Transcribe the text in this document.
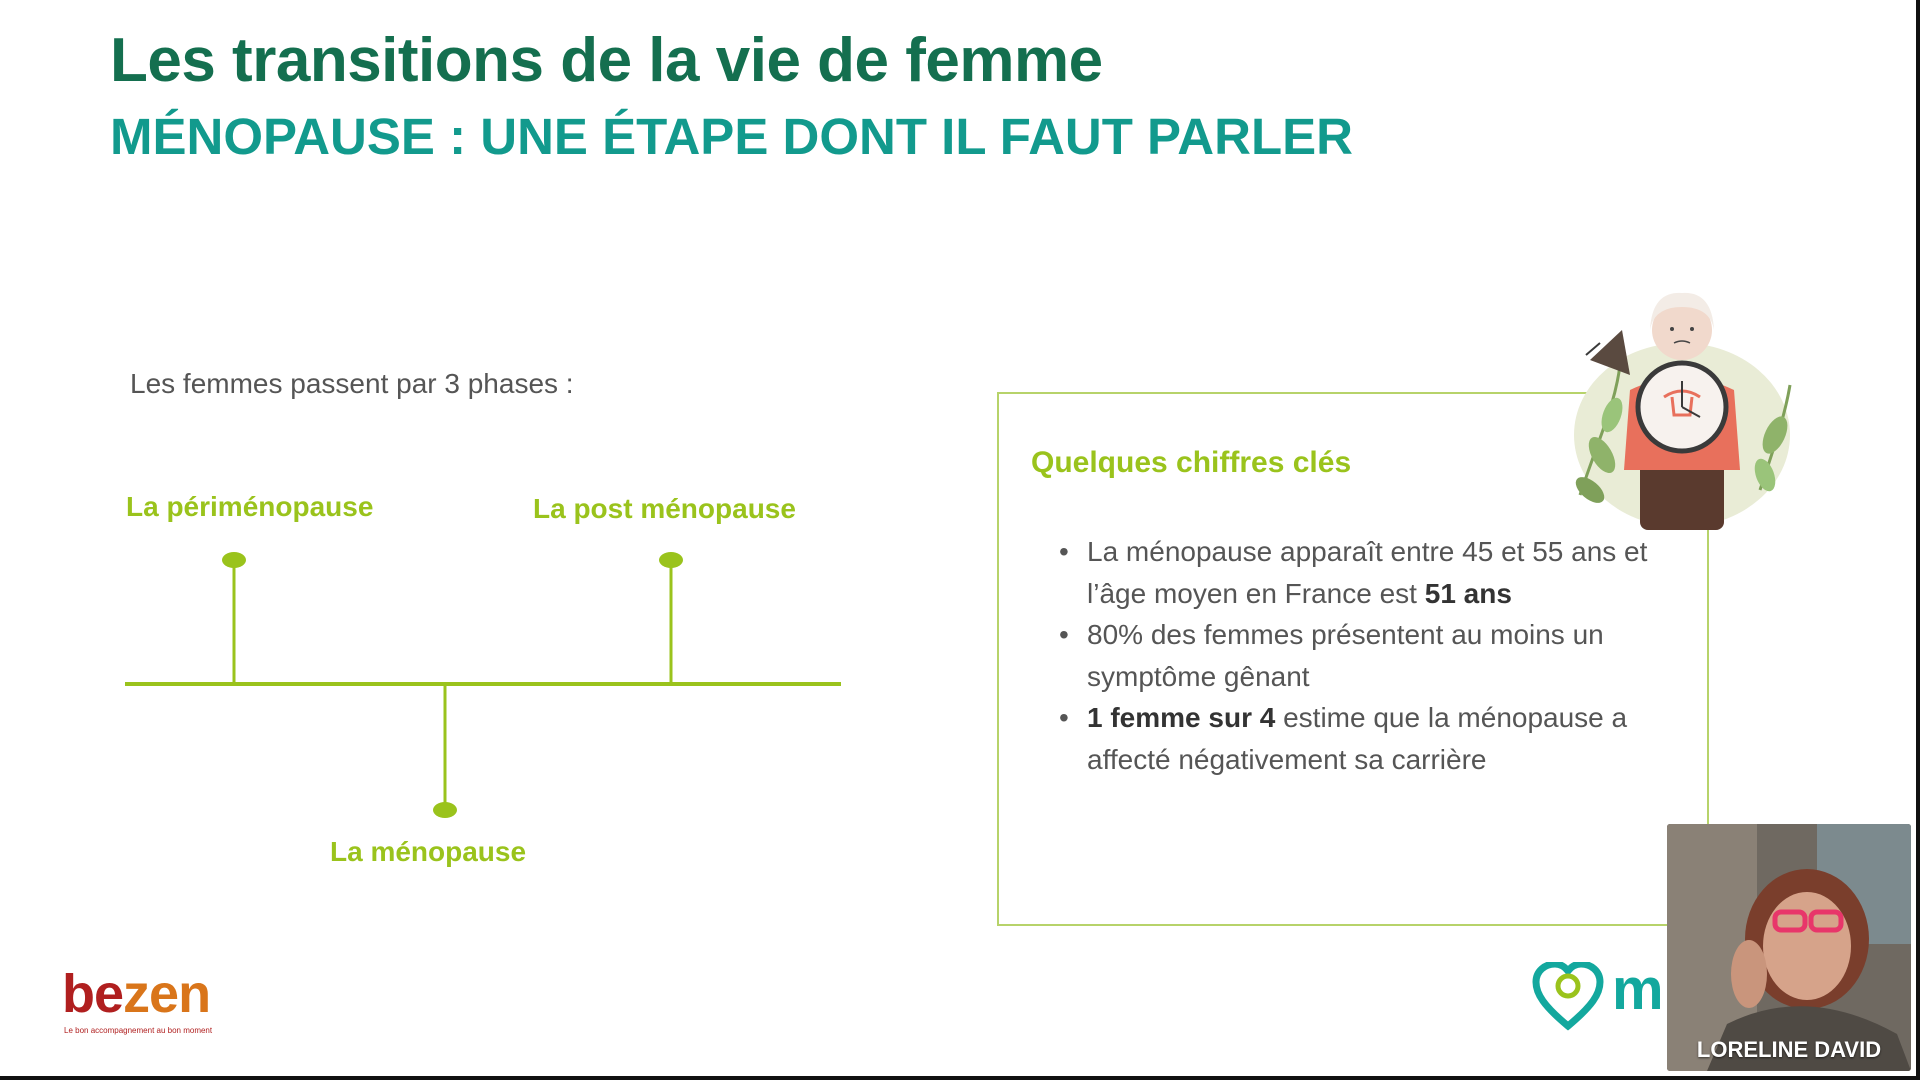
Les transitions de la vie de femme
MÉNOPAUSE : UNE ÉTAPE DONT IL FAUT PARLER

Les femmes passent par 3 phases :

La périménopause	La post ménopause
La ménopause
Quelques chiffres clés
• La ménopause apparaît entre 45 et 55 ans et l’âge moyen en France est 51 ans
• 80% des femmes présentent au moins un symptôme gênant
• 1 femme sur 4 estime que la ménopause a affecté négativement sa carrière
bezen
Le bon accompagnement au bon moment
m
LORELINE DAVID
